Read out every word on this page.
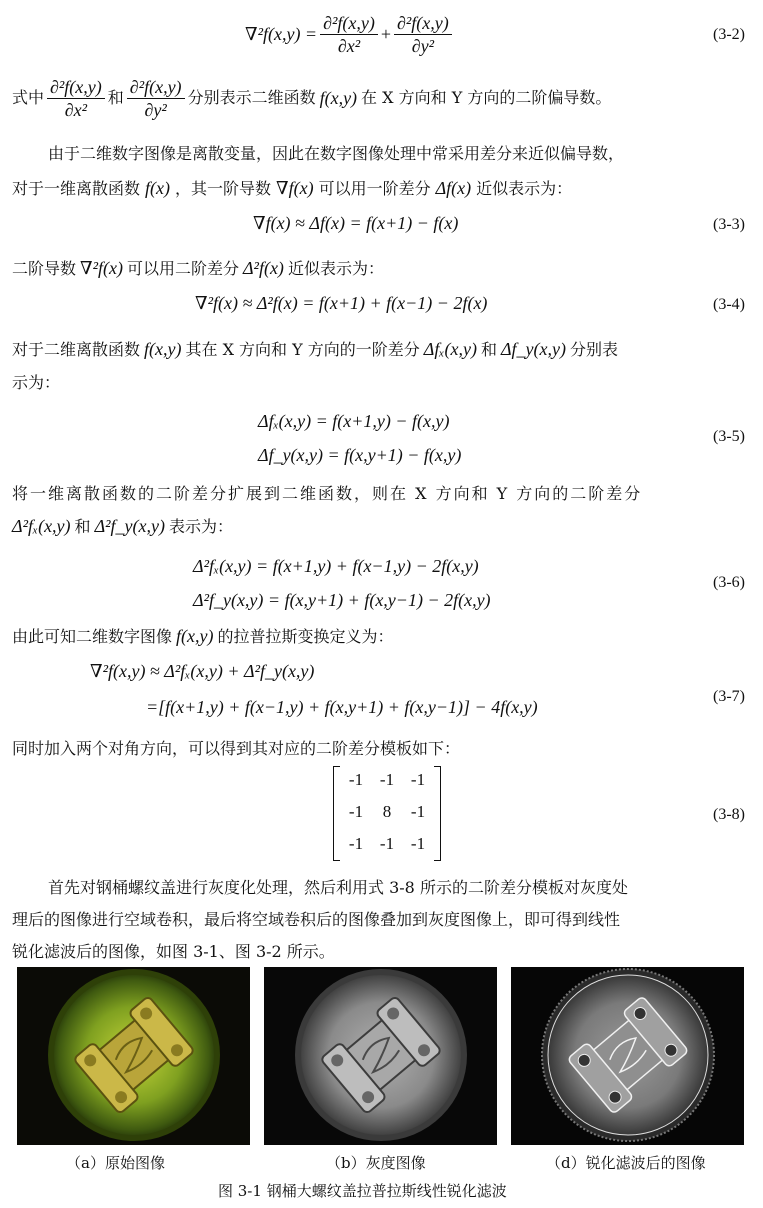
$\nabla^2f(x,y) = \frac{\text{∂²f(x,y)}}{\text{∂x²}} + \frac{\text{∂²f(x,y)}}{\text{∂y²}}$	(3-2)
式中 $\frac{\text{∂²f(x,y)}}{\text{∂x²}}$ 和 $\frac{\text{∂²f(x,y)}}{\text{∂y²}}$ 分别表示二维函数 f(x,y) 在 X 方向和 Y 方向的二阶偏导数。
由于二维数字图像是离散变量，因此在数字图像处理中常采用差分来近似偏导数，
对于一维离散函数 f(x) ，其一阶导数 ∇f(x) 可以用一阶差分 Δf(x) 近似表示为：
∇f(x) ≈ Δf(x) = f(x+1) − f(x)	(3-3)
二阶导数 ∇²f(x) 可以用二阶差分 Δ²f(x) 近似表示为：
∇²f(x) ≈ Δ²f(x) = f(x+1) + f(x−1) − 2f(x)	(3-4)
对于二维离散函数 f(x,y) 其在 X 方向和 Y 方向的一阶差分 Δfₓ(x,y) 和 Δf_y(x,y) 分别表
示为：
Δfₓ(x,y) = f(x+1,y) − f(x,y)
Δf_y(x,y) = f(x,y+1) − f(x,y)
(3-5)
将一维离散函数的二阶差分扩展到二维函数，则在 X 方向和 Y 方向的二阶差分
Δ²fₓ(x,y) 和 Δ²f_y(x,y) 表示为：
Δ²fₓ(x,y) = f(x+1,y) + f(x−1,y) − 2f(x,y)
Δ²f_y(x,y) = f(x,y+1) + f(x,y−1) − 2f(x,y)
(3-6)
由此可知二维数字图像 f(x,y) 的拉普拉斯变换定义为：
∇²f(x,y) ≈ Δ²fₓ(x,y) + Δ²f_y(x,y)
=[f(x+1,y) + f(x−1,y) + f(x,y+1) + f(x,y−1)] − 4f(x,y)
(3-7)
同时加入两个对角方向，可以得到其对应的二阶差分模板如下：
-1 -1 -1
-1	8	-1
-1 -1 -1
(3-8)
首先对钢桶螺纹盖进行灰度化处理，然后利用式 3-8 所示的二阶差分模板对灰度处
理后的图像进行空域卷积，最后将空域卷积后的图像叠加到灰度图像上，即可得到线性
锐化滤波后的图像，如图 3-1、图 3-2 所示。
（a）原始图像	（b）灰度图像	（d）锐化滤波后的图像
图 3-1 钢桶大螺纹盖拉普拉斯线性锐化滤波
